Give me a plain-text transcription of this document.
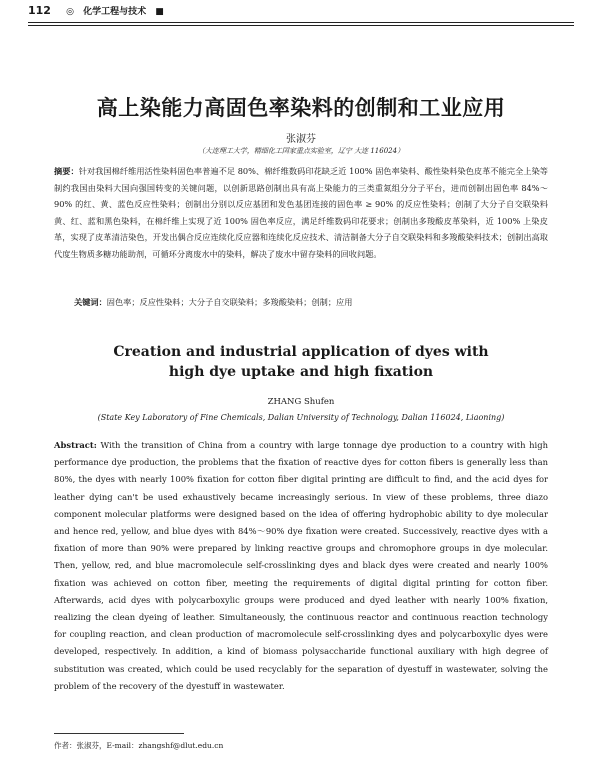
112 ◎ 化学工程与技术 ■
高上染能力高固色率染料的创制和工业应用
张淑芬
（大连理工大学，精细化工国家重点实验室，辽宁 大连 116024）
摘要：针对我国棉纤维用活性染料固色率普遍不足 80%、棉纤维数码印花缺乏近 100% 固色率染料、酸性染料染色皮革不能完全上染等制约我国由染料大国向强国转变的关键问题，以创新思路创制出具有高上染能力的三类重氮组分分子平台，进而创制出固色率 84%～90% 的红、黄、蓝色反应性染料；创制出分别以反应基团和发色基团连接的固色率 ≥ 90% 的反应性染料；创制了大分子自交联染料黄、红、蓝和黑色染料，在棉纤维上实现了近 100% 固色率反应，满足纤维数码印花要求；创制出多羧酸皮革染料，近 100% 上染皮革，实现了皮革清洁染色，开发出偶合反应连续化反应器和连续化反应技术、清洁制备大分子自交联染料和多羧酸染料技术；创制出高取代度生物质多糖功能助剂，可循环分离废水中的染料，解决了废水中留存染料的回收问题。
关键词：固色率；反应性染料；大分子自交联染料；多羧酸染料；创制；应用
Creation and industrial application of dyes with
high dye uptake and high fixation
ZHANG Shufen
(State Key Laboratory of Fine Chemicals, Dalian University of Technology, Dalian 116024, Liaoning)
Abstract: With the transition of China from a country with large tonnage dye production to a country with high performance dye production, the problems that the fixation of reactive dyes for cotton fibers is generally less than 80%, the dyes with nearly 100% fixation for cotton fiber digital printing are difficult to find, and the acid dyes for leather dying can't be used exhaustively became increasingly serious. In view of these problems, three diazo component molecular platforms were designed based on the idea of offering hydrophobic ability to dye molecular and hence red, yellow, and blue dyes with 84%～90% dye fixation were created. Successively, reactive dyes with a fixation of more than 90% were prepared by linking reactive groups and chromophore groups in dye molecular. Then, yellow, red, and blue macromolecule self-crosslinking dyes and black dyes were created and nearly 100% fixation was achieved on cotton fiber, meeting the requirements of digital digital printing for cotton fiber. Afterwards, acid dyes with polycarboxylic groups were produced and dyed leather with nearly 100% fixation, realizing the clean dyeing of leather. Simultaneously, the continuous reactor and continuous reaction technology for coupling reaction, and clean production of macromolecule self-crosslinking dyes and polycarboxylic dyes were developed, respectively. In addition, a kind of biomass polysaccharide functional auxiliary with high degree of substitution was created, which could be used recyclably for the separation of dyestuff in wastewater, solving the problem of the recovery of the dyestuff in wastewater.
作者：张淑芬，E-mail：zhangshf@dlut.edu.cn
